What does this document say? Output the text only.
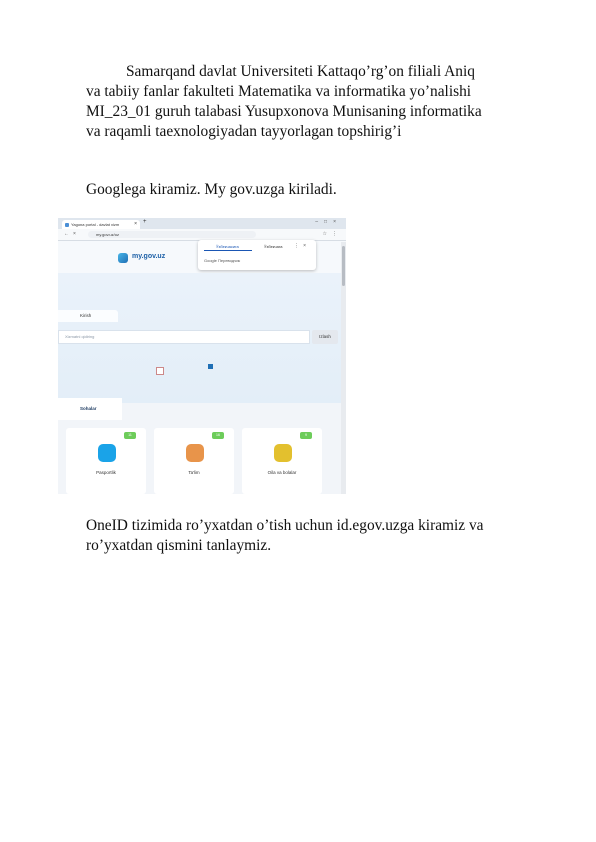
Samarqand davlat Universiteti Kattaqo’rg’on filiali Aniq
va tabiiy fanlar fakulteti Matematika va informatika yo’nalishi
MI_23_01 guruh talabasi Yusupxonova Munisaning informatika
va raqamli taexnologiyadan tayyorlagan topshirig’i

Googlega kiramiz. My gov.uzga kiriladi.

Yagona portal - davlat xizm	× +	–□×
←×	my.gov.uz/oz	☆⋮
my.gov.uz
Ўзбекчасига	Ўзбекчага ⋮×
Google Переводчик
Kirish
Xizmatni qidiring	Izlash
Sohalar
11
Pasportlik
16
Ta'lim
9
Oila va bolalar

OneID tizimida ro’yxatdan o’tish uchun id.egov.uzga kiramiz va
ro’yxatdan qismini tanlaymiz.
